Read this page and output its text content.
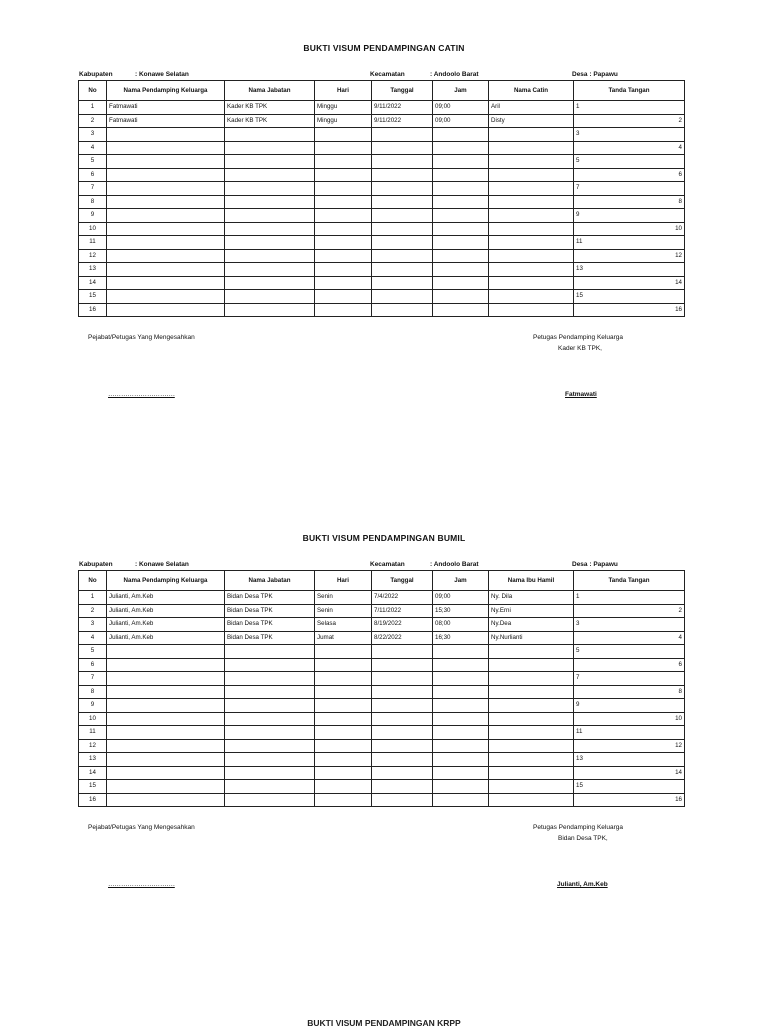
BUKTI VISUM PENDAMPINGAN CATIN
Kabupaten	: Konawe Selatan	Kecamatan	: Andoolo Barat	Desa : Papawu
No	Nama Pendamping Keluarga	Nama Jabatan	Hari	Tanggal	Jam	Nama Catin	Tanda Tangan
1	Fatmawati	Kader KB TPK	Minggu	9/11/2022	09;00	Aril	1
2	Fatmawati	Kader KB TPK	Minggu	9/11/2022	09;00	Disty	2
3							3
4							4
5							5
6							6
7							7
8							8
9							9
10							10
11							11
12							12
13							13
14							14
15							15
16							16
Pejabat/Petugas Yang Mengesahkan
………………………….
Petugas Pendamping Keluarga
Kader KB TPK,
Fatmawati
BUKTI VISUM PENDAMPINGAN BUMIL
Kabupaten	: Konawe Selatan	Kecamatan	: Andoolo Barat	Desa : Papawu
No	Nama Pendamping Keluarga	Nama Jabatan	Hari	Tanggal	Jam	Nama Ibu Hamil	Tanda Tangan
1	Julianti, Am.Keb	Bidan Desa TPK	Senin	7/4/2022	09;00	Ny. Dila	1
2	Julianti, Am.Keb	Bidan Desa TPK	Senin	7/11/2022	15;30	Ny.Erni	2
3	Julianti, Am.Keb	Bidan Desa TPK	Selasa	8/19/2022	08;00	Ny.Dea	3
4	Julianti, Am.Keb	Bidan Desa TPK	Jumat	8/22/2022	16;30	Ny.Nurlianti	4
5							5
6							6
7							7
8							8
9							9
10							10
11							11
12							12
13							13
14							14
15							15
16							16
Pejabat/Petugas Yang Mengesahkan
………………………….
Petugas Pendamping Keluarga
Bidan Desa TPK,
Julianti, Am.Keb
BUKTI VISUM PENDAMPINGAN KRPP
